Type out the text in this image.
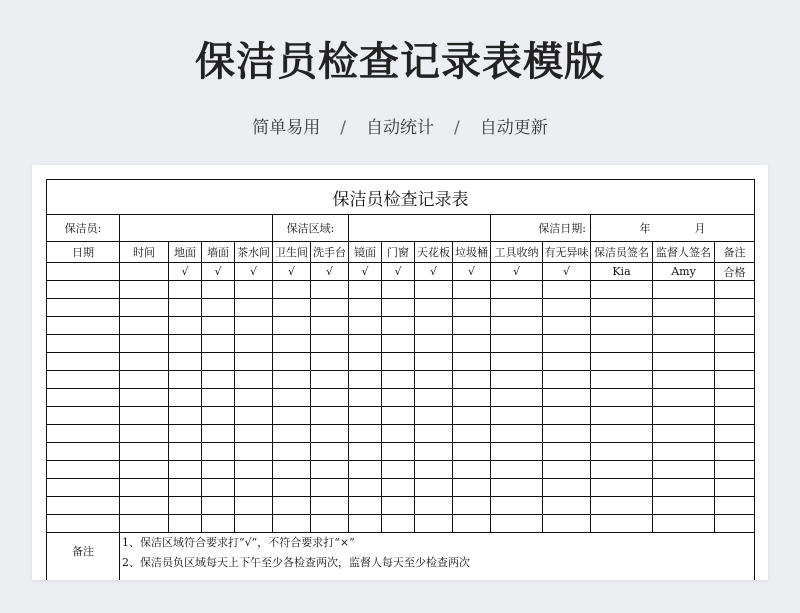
保洁员检查记录表模版
简单易用 / 自动统计 / 自动更新
保洁员检查记录表															
保洁员:					保洁区域:						保洁日期:		年 月		
日期	时间	地面	墙面	茶水间	卫生间	洗手台	镜面	门窗	天花板	垃圾桶	工具收纳	有无异味	保洁员签名	监督人签名	备注
		√	√	√	√	√	√	√	√	√	√	√	Kia	Amy	合格

备注	1、保洁区域符合要求打“√”，不符合要求打“×”
2、保洁员负区域每天上下午至少各检查两次，监督人每天至少检查两次														
